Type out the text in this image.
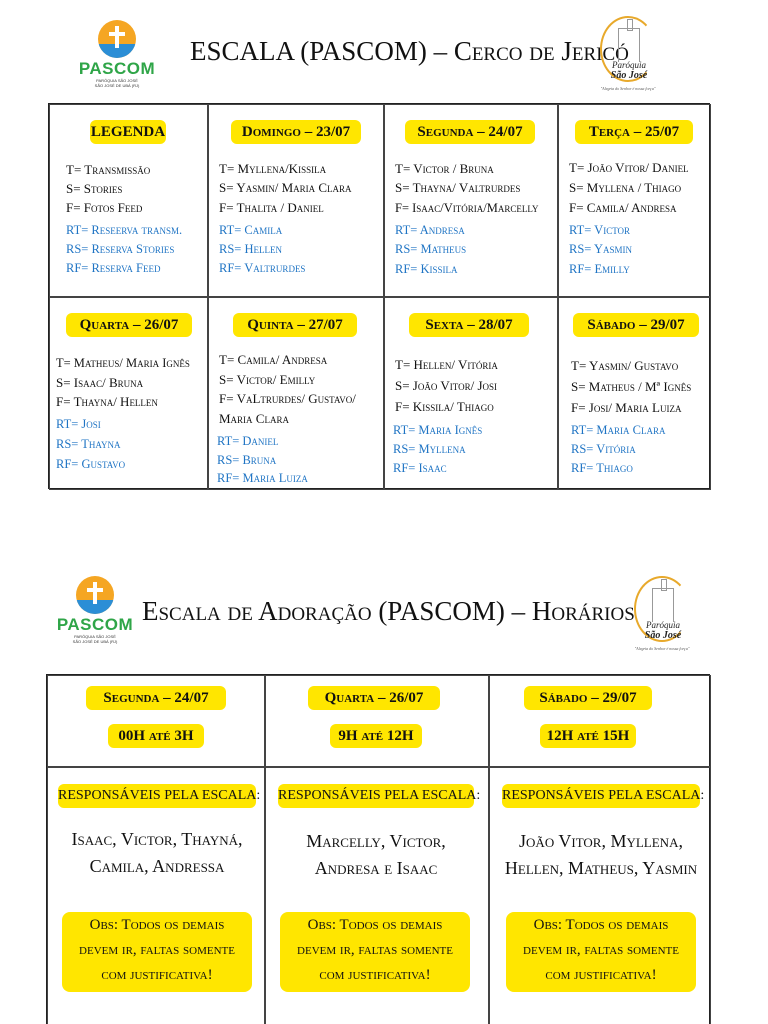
PASCOM
PARÓQUIA SÃO JOSÉ
SÃO JOSÉ DE UBÁ (RJ)
ESCALA (PASCOM) – Cerco de Jericó
Paróquia
São José
"Alegria do Senhor é nossa força"
LEGENDA
T= Transmissão
S= Stories
F= Fotos Feed
RT= Reseerva transm.
RS= Reserva Stories
RF= Reserva Feed
Domingo – 23/07
T= Myllena/Kissila
S= Yasmin/ Maria Clara
F= Thalita / Daniel
RT= Camila
RS= Hellen
RF= Valtrurdes
Segunda – 24/07
T= Victor / Bruna
S= Thayna/ Valtrurdes
F= Isaac/Vitória/Marcelly
RT= Andresa
RS= Matheus
RF= Kissila
Terça – 25/07
T= João Vitor/ Daniel
S= Myllena / Thiago
F= Camila/ Andresa
RT= Victor
RS= Yasmin
RF= Emilly
Quarta – 26/07
T= Matheus/ Maria Ignês
S= Isaac/ Bruna
F= Thayna/ Hellen
RT= Josi
RS= Thayna
RF= Gustavo
Quinta – 27/07
T= Camila/ Andresa
S= Victor/ Emilly
F= VaLtrurdes/ Gustavo/
Maria Clara
RT= Daniel
RS= Bruna
RF= Maria Luiza
Sexta – 28/07
T= Hellen/ Vitória
S= João Vitor/ Josi
F= Kissila/ Thiago
RT= Maria Ignês
RS= Myllena
RF= Isaac
Sábado – 29/07
T= Yasmin/ Gustavo
S= Matheus / Mª Ignês
F= Josi/ Maria Luiza
RT= Maria Clara
RS= Vitória
RF= Thiago
PASCOM
PARÓQUIA SÃO JOSÉ
SÃO JOSÉ DE UBÁ (RJ)
Escala de Adoração (PASCOM) – Horários	Paróquia
São José
"Alegria do Senhor é nossa força"
Segunda – 24/07
00H até 3H
RESPONSÁVEIS PELA ESCALA:
Isaac, Victor, Thayná,
Camila, Andressa
Obs: Todos os demais
devem ir, faltas somente
com justificativa!
Quarta – 26/07
9H até 12H
RESPONSÁVEIS PELA ESCALA:
Marcelly, Victor,
Andresa e Isaac
Obs: Todos os demais
devem ir, faltas somente
com justificativa!
Sábado – 29/07
12H até 15H
RESPONSÁVEIS PELA ESCALA:
João Vitor, Myllena,
Hellen, Matheus, Yasmin
Obs: Todos os demais
devem ir, faltas somente
com justificativa!
